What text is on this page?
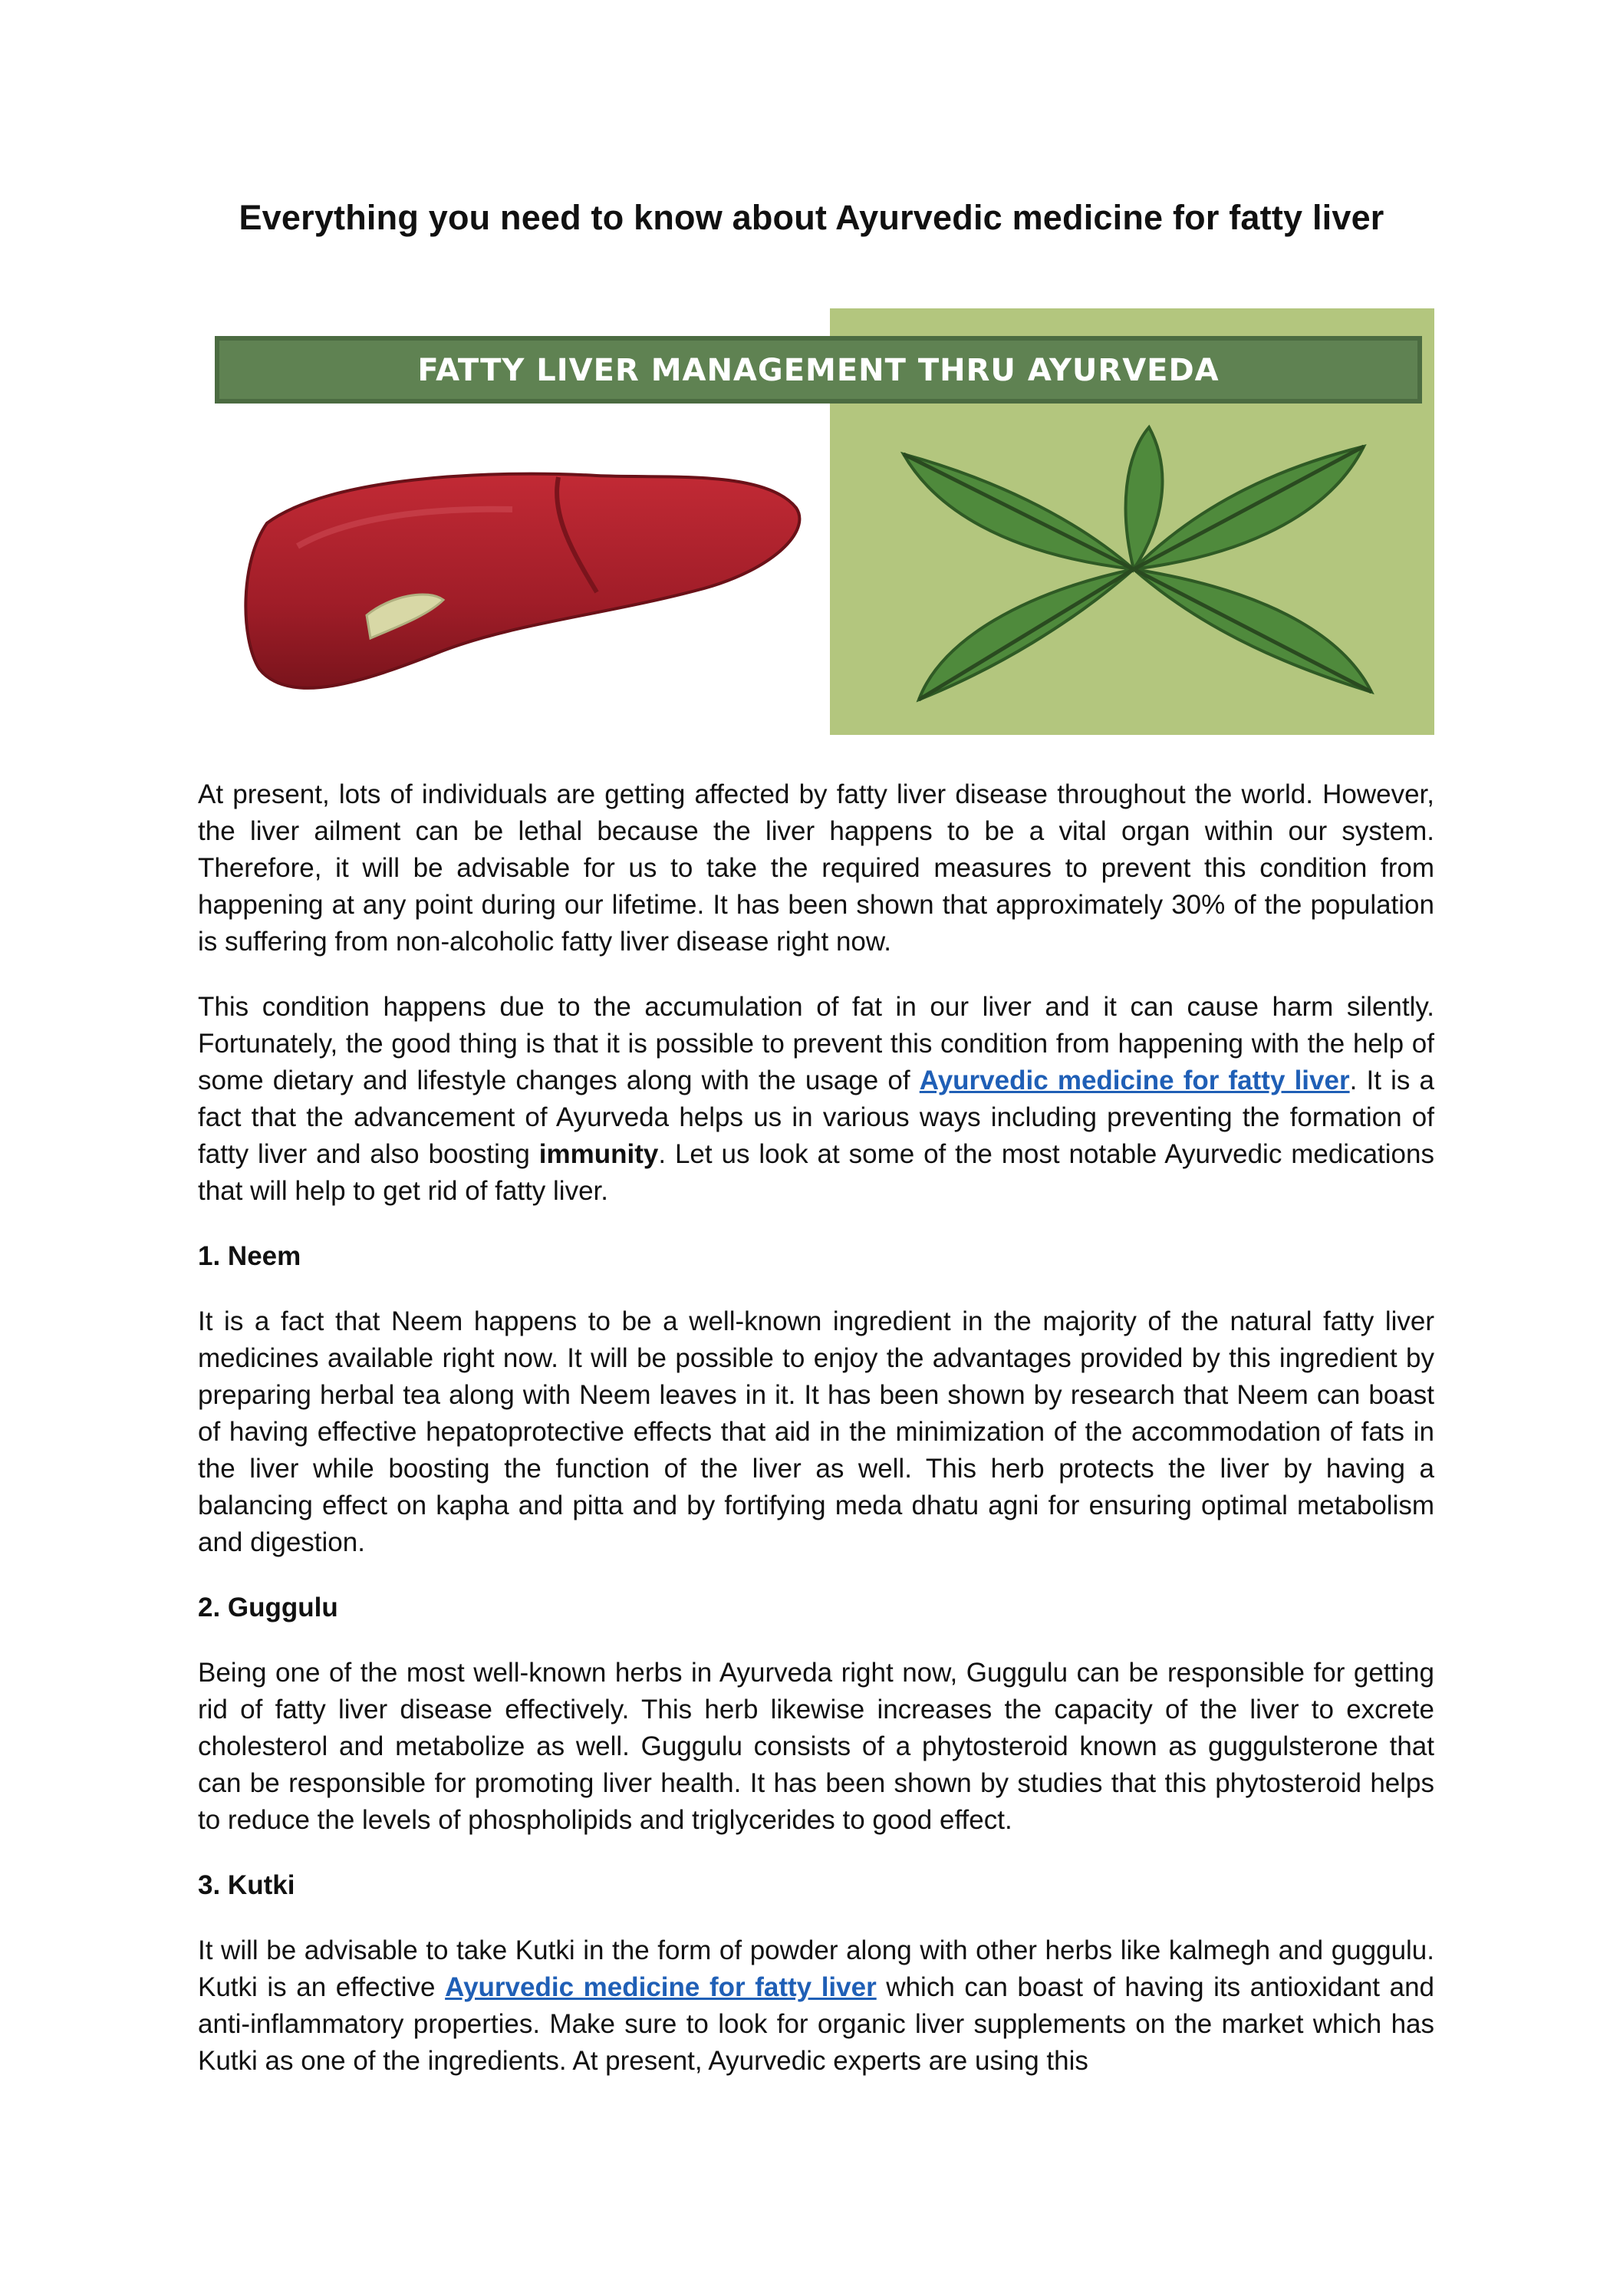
Everything you need to know about Ayurvedic medicine for fatty liver
FATTY LIVER MANAGEMENT THRU AYURVEDA

At present, lots of individuals are getting affected by fatty liver disease throughout the world. However, the liver ailment can be lethal because the liver happens to be a vital organ within our system. Therefore, it will be advisable for us to take the required measures to prevent this condition from happening at any point during our lifetime. It has been shown that approximately 30% of the population is suffering from non-alcoholic fatty liver disease right now.

This condition happens due to the accumulation of fat in our liver and it can cause harm silently. Fortunately, the good thing is that it is possible to prevent this condition from happening with the help of some dietary and lifestyle changes along with the usage of Ayurvedic medicine for fatty liver. It is a fact that the advancement of Ayurveda helps us in various ways including preventing the formation of fatty liver and also boosting immunity. Let us look at some of the most notable Ayurvedic medications that will help to get rid of fatty liver.

1. Neem

It is a fact that Neem happens to be a well-known ingredient in the majority of the natural fatty liver medicines available right now. It will be possible to enjoy the advantages provided by this ingredient by preparing herbal tea along with Neem leaves in it. It has been shown by research that Neem can boast of having effective hepatoprotective effects that aid in the minimization of the accommodation of fats in the liver while boosting the function of the liver as well. This herb protects the liver by having a balancing effect on kapha and pitta and by fortifying meda dhatu agni for ensuring optimal metabolism and digestion.

2. Guggulu

Being one of the most well-known herbs in Ayurveda right now, Guggulu can be responsible for getting rid of fatty liver disease effectively. This herb likewise increases the capacity of the liver to excrete cholesterol and metabolize as well. Guggulu consists of a phytosteroid known as guggulsterone that can be responsible for promoting liver health. It has been shown by studies that this phytosteroid helps to reduce the levels of phospholipids and triglycerides to good effect.

3. Kutki

It will be advisable to take Kutki in the form of powder along with other herbs like kalmegh and guggulu. Kutki is an effective Ayurvedic medicine for fatty liver which can boast of having its antioxidant and anti-inflammatory properties. Make sure to look for organic liver supplements on the market which has Kutki as one of the ingredients. At present, Ayurvedic experts are using this
